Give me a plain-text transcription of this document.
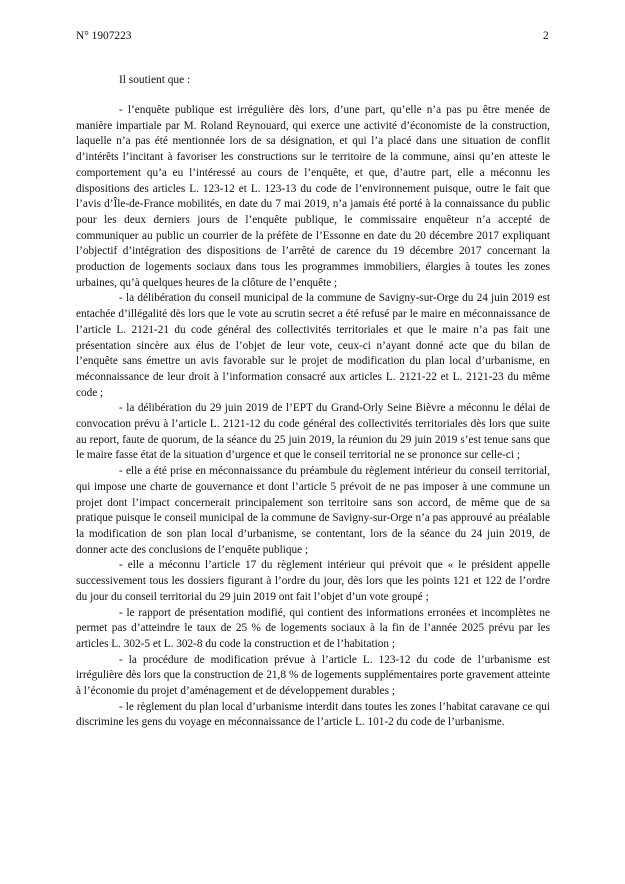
N° 1907223	2
Il soutient que :

- l’enquête publique est irrégulière dès lors, d’une part, qu’elle n’a pas pu être menée de manière impartiale par M. Roland Reynouard, qui exerce une activité d’économiste de la construction, laquelle n’a pas été mentionnée lors de sa désignation, et qui l’a placé dans une situation de conflit d’intérêts l’incitant à favoriser les constructions sur le territoire de la commune, ainsi qu’en atteste le comportement qu’a eu l’intéressé au cours de l’enquête, et que, d’autre part, elle a méconnu les dispositions des articles L. 123-12 et L. 123-13 du code de l’environnement puisque, outre le fait que l’avis d’Île-de-France mobilités, en date du 7 mai 2019, n’a jamais été porté à la connaissance du public pour les deux derniers jours de l’enquête publique, le commissaire enquêteur n’a accepté de communiquer au public un courrier de la préfète de l’Essonne en date du 20 décembre 2017 expliquant l’objectif d’intégration des dispositions de l’arrêté de carence du 19 décembre 2017 concernant la production de logements sociaux dans tous les programmes immobiliers, élargies à toutes les zones urbaines, qu’à quelques heures de la clôture de l’enquête ;

- la délibération du conseil municipal de la commune de Savigny-sur-Orge du 24 juin 2019 est entachée d’illégalité dès lors que le vote au scrutin secret a été refusé par le maire en méconnaissance de l’article L. 2121-21 du code général des collectivités territoriales et que le maire n’a pas fait une présentation sincère aux élus de l’objet de leur vote, ceux-ci n’ayant donné acte que du bilan de l’enquête sans émettre un avis favorable sur le projet de modification du plan local d’urbanisme, en méconnaissance de leur droit à l’information consacré aux articles L. 2121-22 et L. 2121-23 du même code ;

- la délibération du 29 juin 2019 de l’EPT du Grand-Orly Seine Bièvre a méconnu le délai de convocation prévu à l’article L. 2121-12 du code général des collectivités territoriales dès lors que suite au report, faute de quorum, de la séance du 25 juin 2019, la réunion du 29 juin 2019 s’est tenue sans que le maire fasse état de la situation d’urgence et que le conseil territorial ne se prononce sur celle-ci ;

- elle a été prise en méconnaissance du préambule du règlement intérieur du conseil territorial, qui impose une charte de gouvernance et dont l’article 5 prévoit de ne pas imposer à une commune un projet dont l’impact concernerait principalement son territoire sans son accord, de même que de sa pratique puisque le conseil municipal de la commune de Savigny-sur-Orge n’a pas approuvé au préalable la modification de son plan local d’urbanisme, se contentant, lors de la séance du 24 juin 2019, de donner acte des conclusions de l’enquête publique ;

- elle a méconnu l’article 17 du règlement intérieur qui prévoit que « le président appelle successivement tous les dossiers figurant à l’ordre du jour, dès lors que les points 121 et 122 de l’ordre du jour du conseil territorial du 29 juin 2019 ont fait l’objet d’un vote groupé ;

- le rapport de présentation modifié, qui contient des informations erronées et incomplètes ne permet pas d’atteindre le taux de 25 % de logements sociaux à la fin de l’année 2025 prévu par les articles L. 302-5 et L. 302-8 du code la construction et de l’habitation ;

- la procédure de modification prévue à l’article L. 123-12 du code de l’urbanisme est irrégulière dès lors que la construction de 21,8 % de logements supplémentaires porte gravement atteinte à l’économie du projet d’aménagement et de développement durables ;

- le règlement du plan local d’urbanisme interdit dans toutes les zones l’habitat caravane ce qui discrimine les gens du voyage en méconnaissance de l’article L. 101-2 du code de l’urbanisme.
